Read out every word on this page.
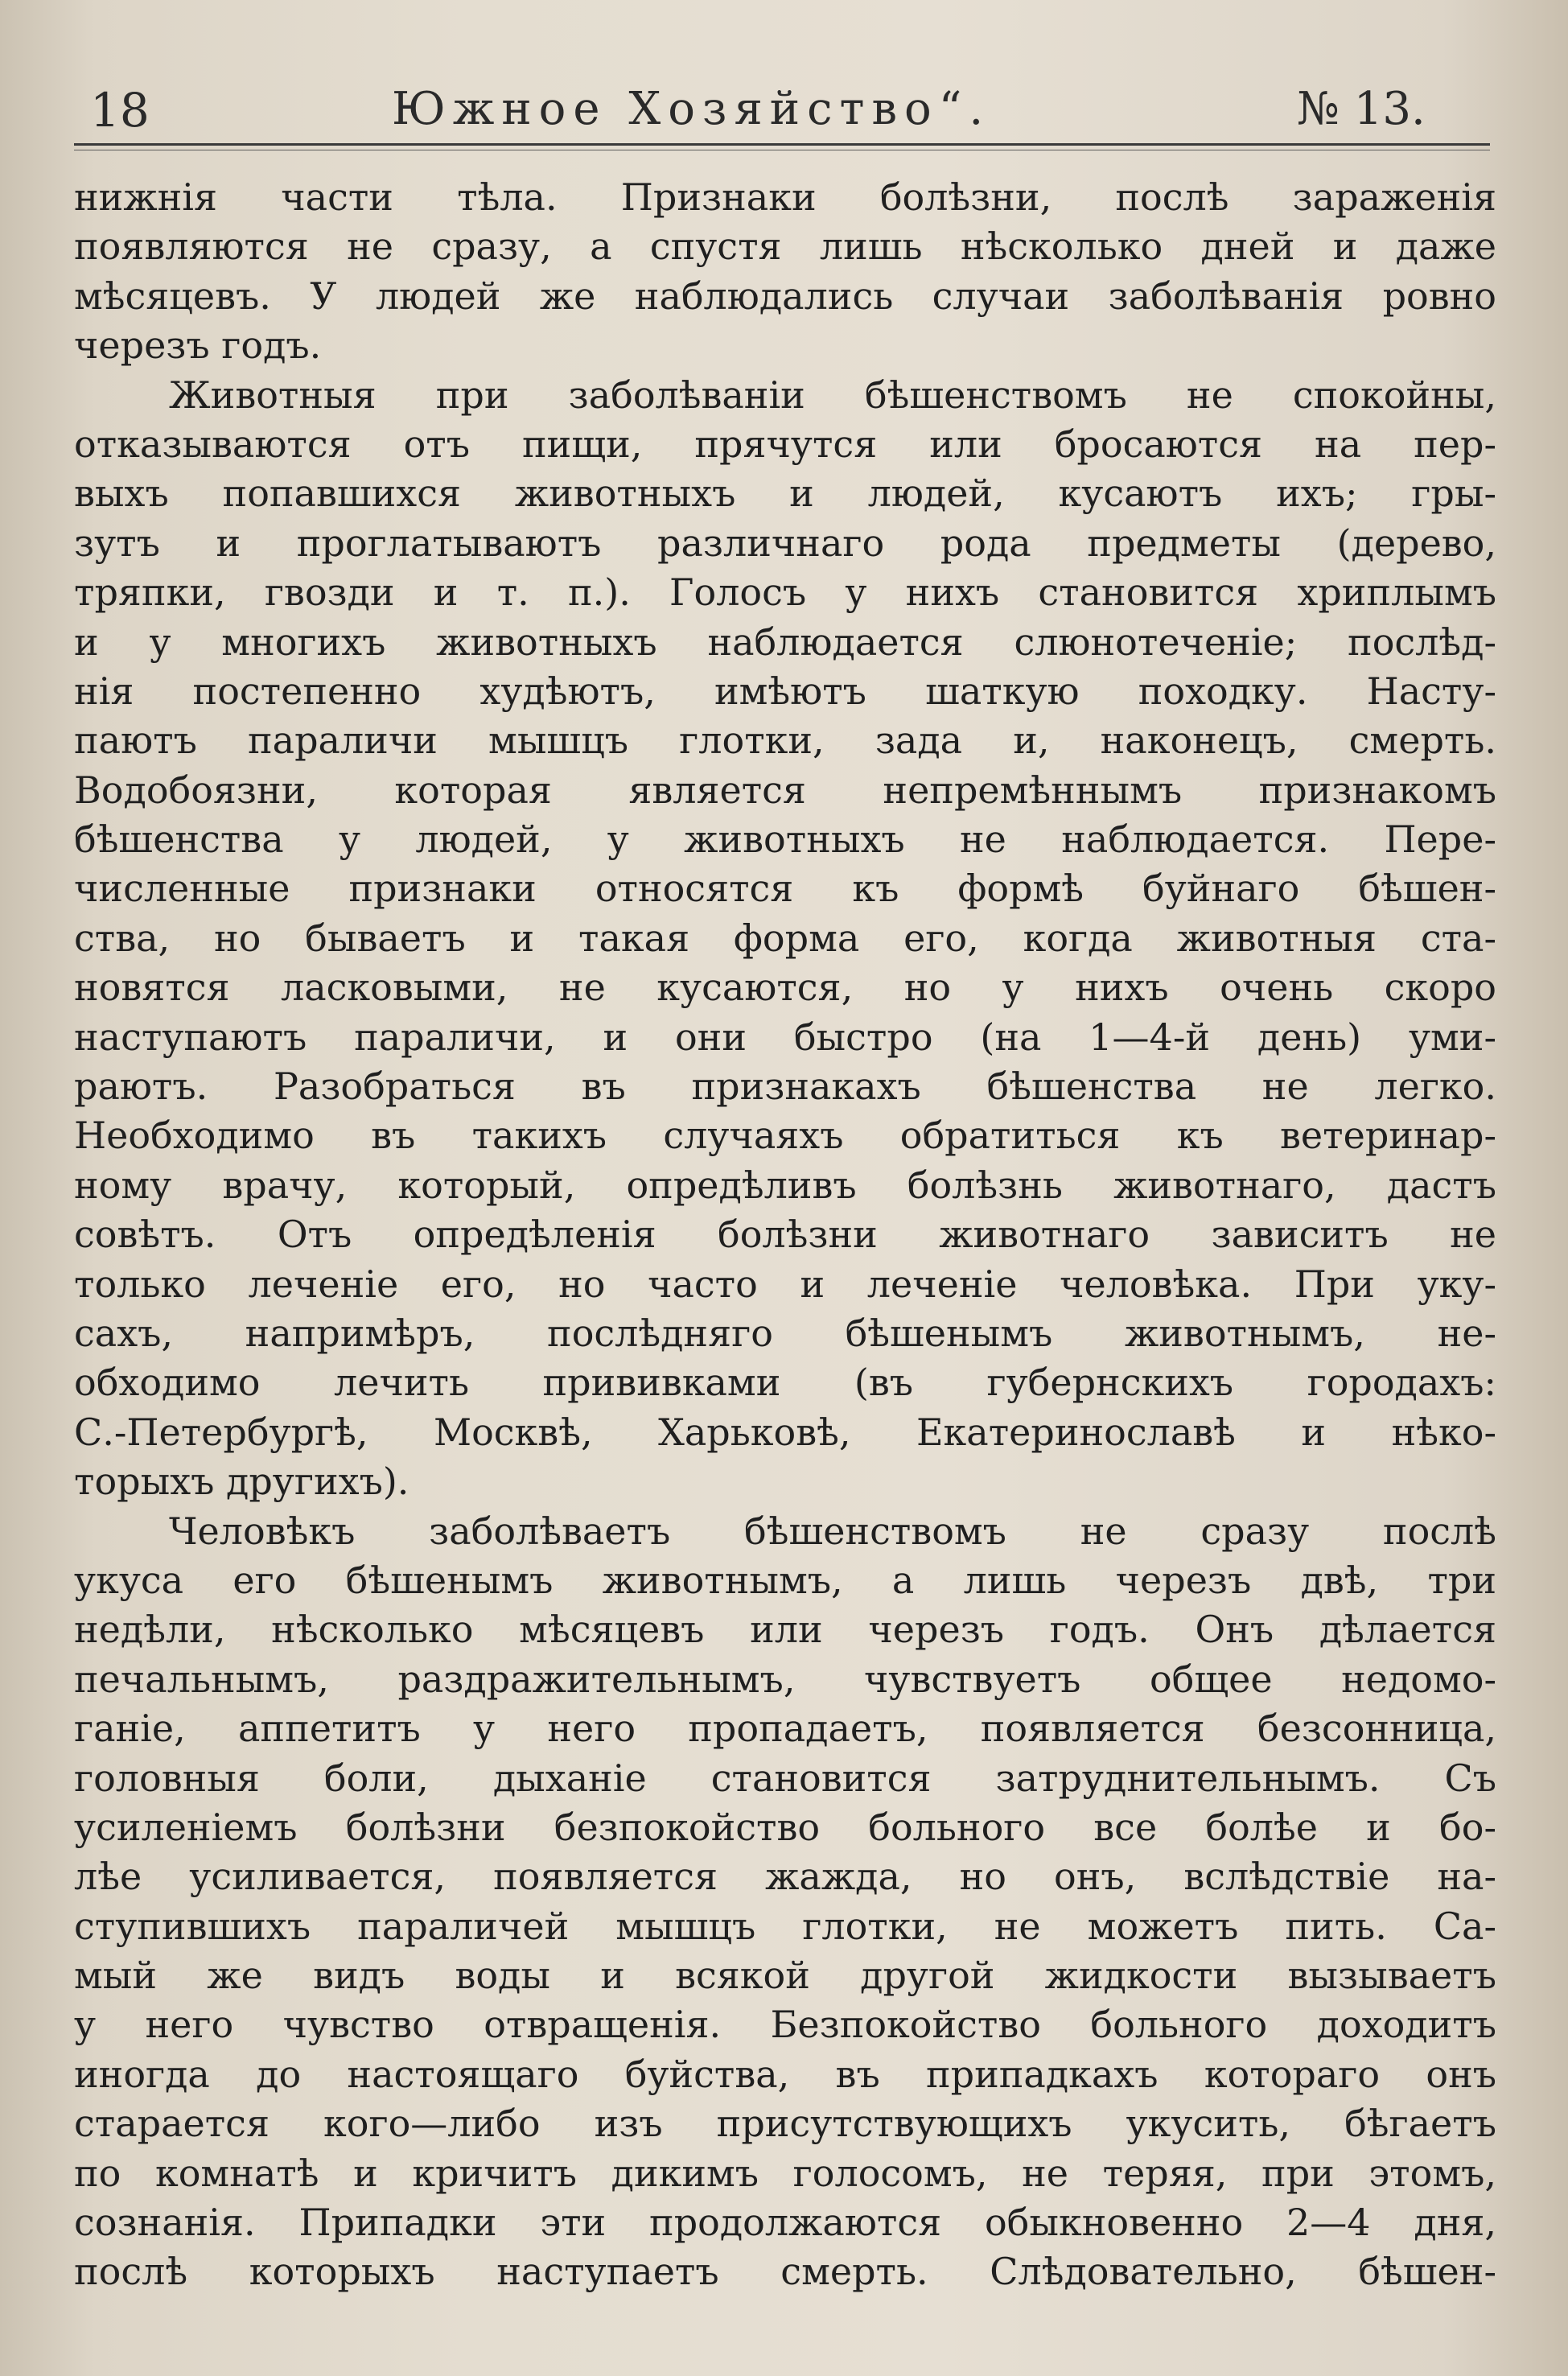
18	Южное Хозяйство“.	№ 13.
нижнія части тѣла. Признаки болѣзни, послѣ зараженія
появляются не сразу, а спустя лишь нѣсколько дней и даже
мѣсяцевъ. У людей же наблюдались случаи заболѣванія ровно
черезъ годъ.
Животныя при заболѣваніи бѣшенствомъ не спокойны,
отказываются отъ пищи, прячутся или бросаются на пер-
выхъ попавшихся животныхъ и людей, кусаютъ ихъ; гры-
зутъ и проглатываютъ различнаго рода предметы (дерево,
тряпки, гвозди и т. п.). Голосъ у нихъ становится хриплымъ
и у многихъ животныхъ наблюдается слюнотеченіе; послѣд-
нія постепенно худѣютъ, имѣютъ шаткую походку. Насту-
паютъ параличи мышцъ глотки, зада и, наконецъ, смерть.
Водобоязни, которая является непремѣннымъ признакомъ
бѣшенства у людей, у животныхъ не наблюдается. Пере-
численные признаки относятся къ формѣ буйнаго бѣшен-
ства, но бываетъ и такая форма его, когда животныя ста-
новятся ласковыми, не кусаются, но у нихъ очень скоро
наступаютъ параличи, и они быстро (на 1—4-й день) уми-
раютъ. Разобраться въ признакахъ бѣшенства не легко.
Необходимо въ такихъ случаяхъ обратиться къ ветеринар-
ному врачу, который, опредѣливъ болѣзнь животнаго, дастъ
совѣтъ. Отъ опредѣленія болѣзни животнаго зависитъ не
только леченіе его, но часто и леченіе человѣка. При уку-
сахъ, напримѣръ, послѣдняго бѣшенымъ животнымъ, не-
обходимо лечить прививками (въ губернскихъ городахъ:
С.-Петербургѣ, Москвѣ, Харьковѣ, Екатеринославѣ и нѣко-
торыхъ другихъ).
Человѣкъ заболѣваетъ бѣшенствомъ не сразу послѣ
укуса его бѣшенымъ животнымъ, а лишь черезъ двѣ, три
недѣли, нѣсколько мѣсяцевъ или черезъ годъ. Онъ дѣлается
печальнымъ, раздражительнымъ, чувствуетъ общее недомо-
ганіе, аппетитъ у него пропадаетъ, появляется безсонница,
головныя боли, дыханіе становится затруднительнымъ. Съ
усиленіемъ болѣзни безпокойство больного все болѣе и бо-
лѣе усиливается, появляется жажда, но онъ, вслѣдствіе на-
ступившихъ параличей мышцъ глотки, не можетъ пить. Са-
мый же видъ воды и всякой другой жидкости вызываетъ
у него чувство отвращенія. Безпокойство больного доходитъ
иногда до настоящаго буйства, въ припадкахъ котораго онъ
старается кого—либо изъ присутствующихъ укусить, бѣгаетъ
по комнатѣ и кричитъ дикимъ голосомъ, не теряя, при этомъ,
сознанія. Припадки эти продолжаются обыкновенно 2—4 дня,
послѣ которыхъ наступаетъ смерть. Слѣдовательно, бѣшен-
